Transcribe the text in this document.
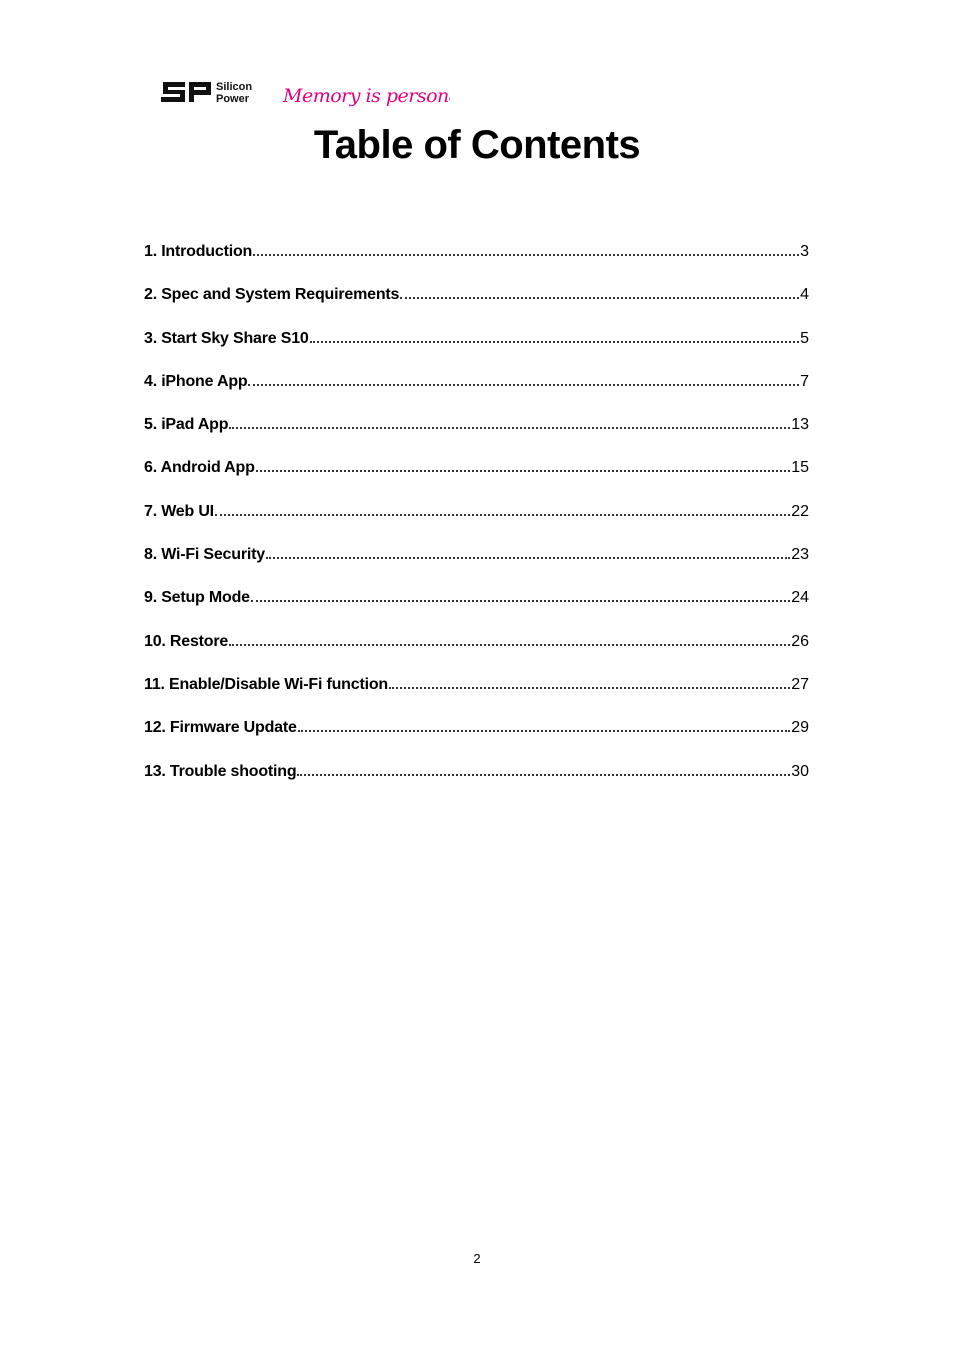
Silicon
Power Memory is personal
Table of Contents
1. Introduction	3
2. Spec and System Requirements	4
3. Start Sky Share S10	5
4. iPhone App	7
5. iPad App	13
6. Android App	15
7. Web UI	22
8. Wi-Fi Security	23
9. Setup Mode	24
10. Restore	26
11. Enable/Disable Wi-Fi function	27
12. Firmware Update	29
13. Trouble shooting	30
2
